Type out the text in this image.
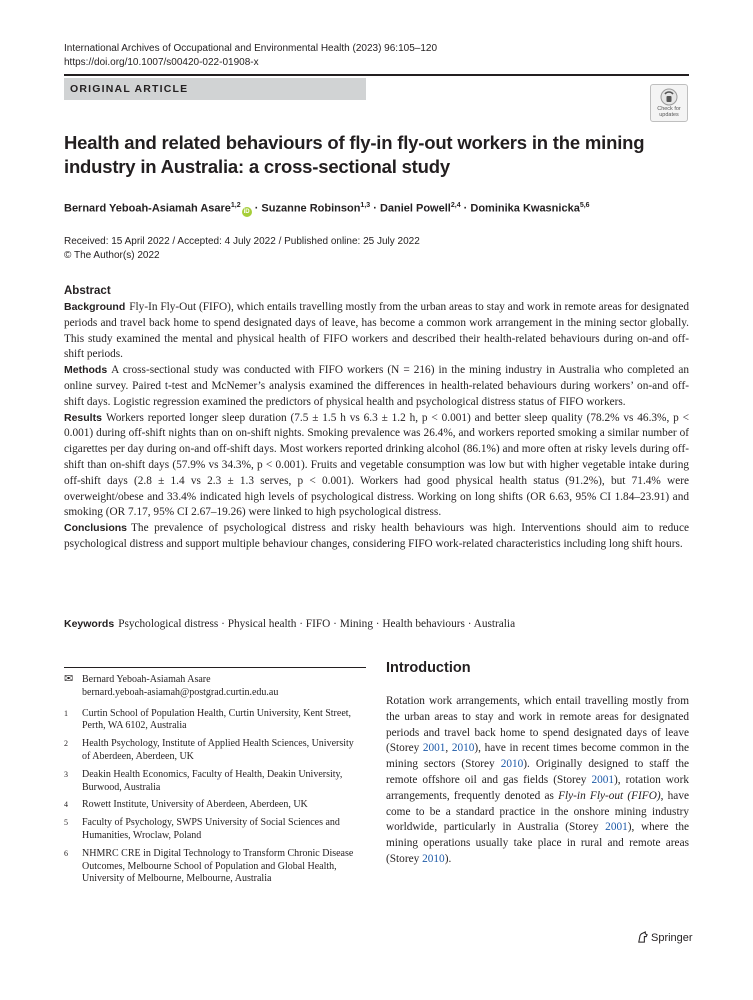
International Archives of Occupational and Environmental Health (2023) 96:105–120
https://doi.org/10.1007/s00420-022-01908-x
ORIGINAL ARTICLE
Check for
updates
Health and related behaviours of fly-in fly-out workers in the mining industry in Australia: a cross-sectional study
Bernard Yeboah-Asiamah Asare$^{1,2}$iD · Suzanne Robinson$^{1,3}$ · Daniel Powell$^{2,4}$ · Dominika Kwasnicka$^{5,6}$
Received: 15 April 2022 / Accepted: 4 July 2022 / Published online: 25 July 2022
© The Author(s) 2022
Abstract

Background Fly-In Fly-Out (FIFO), which entails travelling mostly from the urban areas to stay and work in remote areas for designated periods and travel back home to spend designated days of leave, has become a common work arrangement in the mining sector globally. This study examined the mental and physical health of FIFO workers and described their health-related behaviours during on-and off-shift periods.

Methods A cross-sectional study was conducted with FIFO workers (N = 216) in the mining industry in Australia who completed an online survey. Paired t-test and McNemer’s analysis examined the differences in health-related behaviours during workers’ on-and off-shift days. Logistic regression examined the predictors of physical health and psychological distress status of FIFO workers.

Results Workers reported longer sleep duration (7.5 ± 1.5 h vs 6.3 ± 1.2 h, p < 0.001) and better sleep quality (78.2% vs 46.3%, p < 0.001) during off-shift nights than on on-shift nights. Smoking prevalence was 26.4%, and workers reported smoking a similar number of cigarettes per day during on-and off-shift days. Most workers reported drinking alcohol (86.1%) and more often at risky levels during off-shift than on-shift days (57.9% vs 34.3%, p < 0.001). Fruits and vegetable consumption was low but with higher vegetable intake during off-shift days (2.8 ± 1.4 vs 2.3 ± 1.3 serves, p < 0.001). Workers had good physical health status (91.2%), but 71.4% were overweight/obese and 33.4% indicated high levels of psychological distress. Working on long shifts (OR 6.63, 95% CI 1.84–23.91) and smoking (OR 7.17, 95% CI 2.67–19.26) were linked to high psychological distress.

Conclusions The prevalence of psychological distress and risky health behaviours was high. Interventions should aim to reduce psychological distress and support multiple behaviour changes, considering FIFO work-related characteristics including long shift hours.

Keywords Psychological distress · Physical health · FIFO · Mining · Health behaviours · Australia
✉ Bernard Yeboah-Asiamah Asare
bernard.yeboah-asiamah@postgrad.curtin.edu.au
1 Curtin School of Population Health, Curtin University, Kent Street, Perth, WA 6102, Australia
2 Health Psychology, Institute of Applied Health Sciences, University of Aberdeen, Aberdeen, UK
3 Deakin Health Economics, Faculty of Health, Deakin University, Burwood, Australia
4 Rowett Institute, University of Aberdeen, Aberdeen, UK
5 Faculty of Psychology, SWPS University of Social Sciences and Humanities, Wroclaw, Poland
6 NHMRC CRE in Digital Technology to Transform Chronic Disease Outcomes, Melbourne School of Population and Global Health, University of Melbourne, Melbourne, Australia
Introduction

Rotation work arrangements, which entail travelling mostly from the urban areas to stay and work in remote areas for designated periods and travel back home to spend designated days of leave (Storey 2001, 2010), have in recent times become common in the mining sectors (Storey 2010). Originally designed to staff the remote offshore oil and gas fields (Storey 2001), rotation work arrangements, frequently denoted as Fly-in Fly-out (FIFO), have come to be a standard practice in the onshore mining industry worldwide, particularly in Australia (Storey 2001), where the mining operations usually take place in rural and remote areas (Storey 2010).

Springer
